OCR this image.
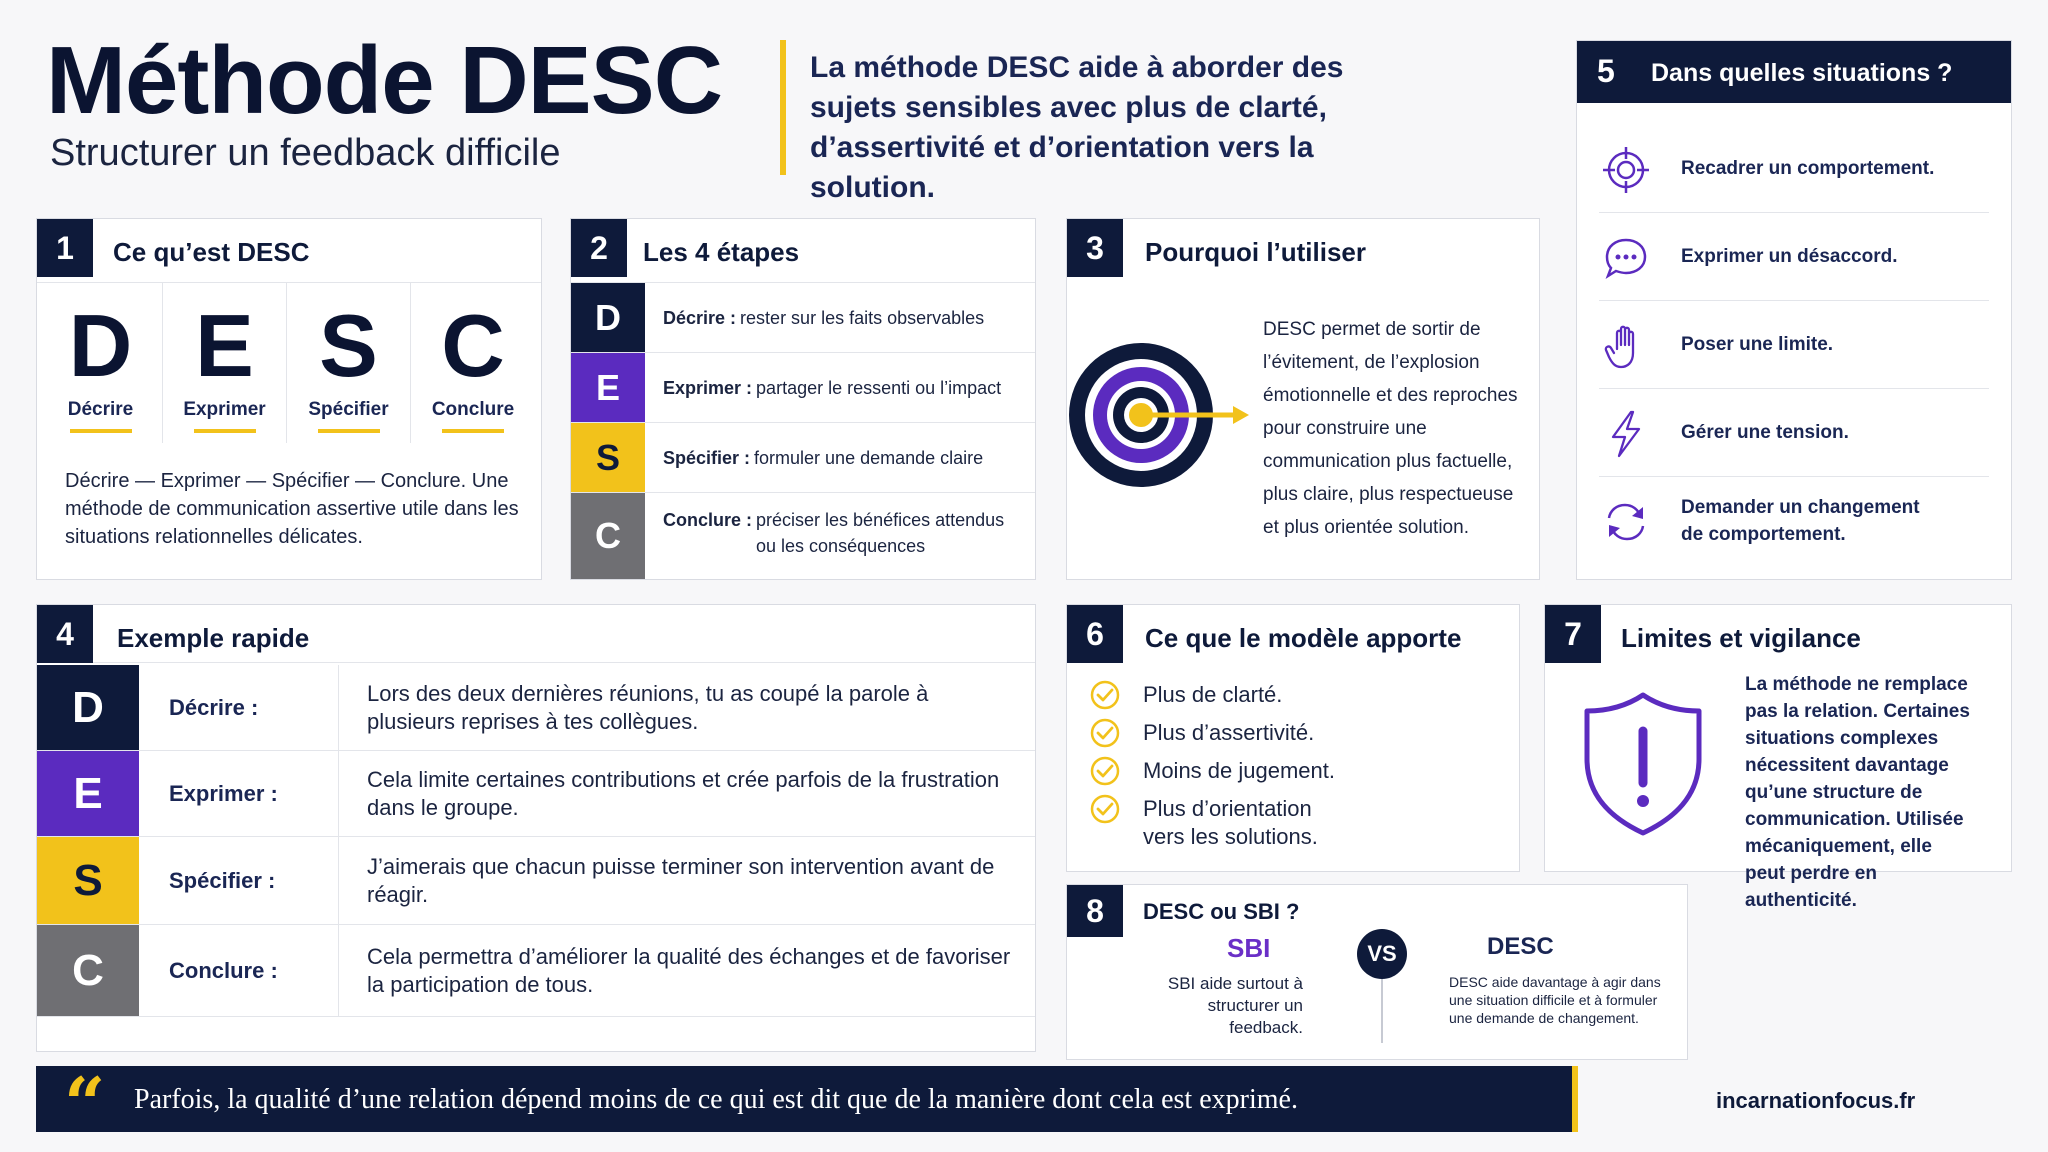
Méthode DESC
Structurer un feedback difficile
La méthode DESC aide à aborder des sujets sensibles avec plus de clarté, d’assertivité et d’orientation vers la solution.
1	Ce qu’est DESC
D
Décrire
E
Exprimer
S
Spécifier
C
Conclure
Décrire — Exprimer — Spécifier — Conclure. Une méthode de communication assertive utile dans les situations relationnelles délicates.
2	Les 4 étapes
D	Décrire : rester sur les faits observables
E	Exprimer : partager le ressenti ou l’impact
S	Spécifier : formuler une demande claire
C	Conclure : préciser les bénéfices attendus ou les conséquences
3	Pourquoi l’utiliser
DESC permet de sortir de l’évitement, de l’explosion émotionnelle et des reproches pour construire une communication plus factuelle, plus claire, plus respectueuse et plus orientée solution.
5 Dans quelles situations ?
Recadrer un comportement.
Exprimer un désaccord.
Poser une limite.
Gérer une tension.
Demander un changement de comportement.
4	Exemple rapide
D	Décrire :
Lors des deux dernières réunions, tu as coupé la parole à plusieurs reprises à tes collègues.
E	Exprimer :
Cela limite certaines contributions et crée parfois de la frustration dans le groupe.
S	Spécifier :
J’aimerais que chacun puisse terminer son intervention avant de réagir.
C	Conclure :
Cela permettra d’améliorer la qualité des échanges et de favoriser la participation de tous.
6	Ce que le modèle apporte
Plus de clarté.
Plus d’assertivité.
Moins de jugement.
Plus d’orientation vers les solutions.
7	Limites et vigilance
La méthode ne remplace pas la relation. Certaines situations complexes nécessitent davantage qu’une structure de communication. Utilisée mécaniquement, elle peut perdre en authenticité.
8	DESC ou SBI ?
SBI
SBI aide surtout à structurer un feedback.
VS	DESC
DESC aide davantage à agir dans une situation difficile et à formuler une demande de changement.
“ Parfois, la qualité d’une relation dépend moins de ce qui est dit que de la manière dont cela est exprimé.	incarnationfocus.fr
